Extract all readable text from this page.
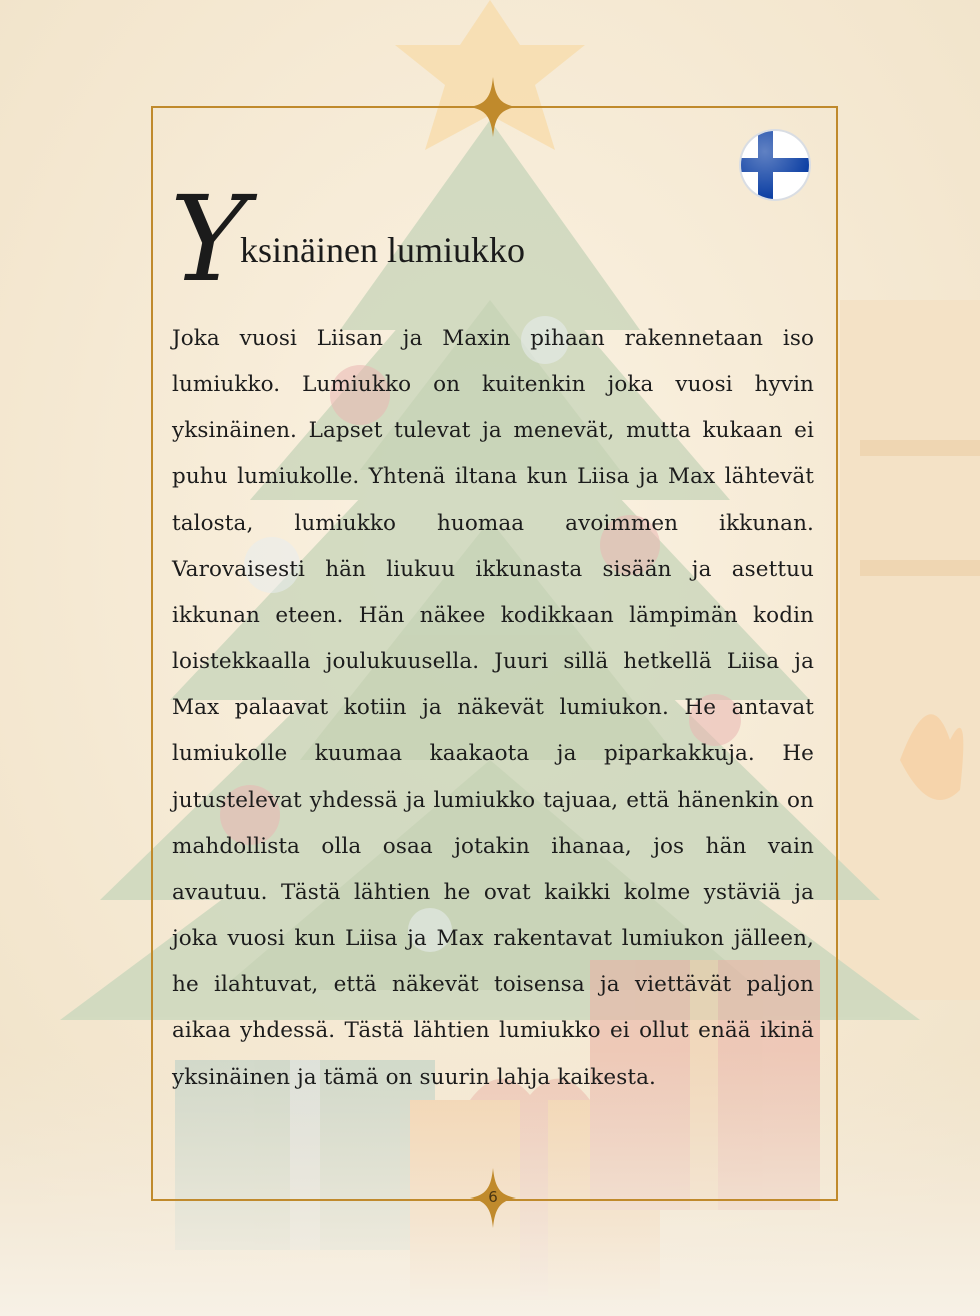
6
Y
ksinäinen lumiukko

Joka vuosi Liisan ja Maxin pihaan rakennetaan iso lumiukko. Lumiukko on kuitenkin joka vuosi hyvin yksinäinen. Lapset tulevat ja menevät, mutta kukaan ei puhu lumiukolle. Yhtenä iltana kun Liisa ja Max lähtevät talosta, lumiukko huomaa avoimmen ikkunan. Varovaisesti hän liukuu ikkunasta sisään ja asettuu ikkunan eteen. Hän näkee kodikkaan lämpimän kodin loistekkaalla joulukuusella. Juuri sillä hetkellä Liisa ja Max palaavat kotiin ja näkevät lumiukon. He antavat lumiukolle kuumaa kaakaota ja piparkakkuja. He jutustelevat yhdessä ja lumiukko tajuaa, että hänenkin on mahdollista olla osaa jotakin ihanaa, jos hän vain avautuu. Tästä lähtien he ovat kaikki kolme ystäviä ja joka vuosi kun Liisa ja Max rakentavat lumiukon jälleen, he ilahtuvat, että näkevät toisensa ja viettävät paljon aikaa yhdessä. Tästä lähtien lumiukko ei ollut enää ikinä yksinäinen ja tämä on suurin lahja kaikesta.
